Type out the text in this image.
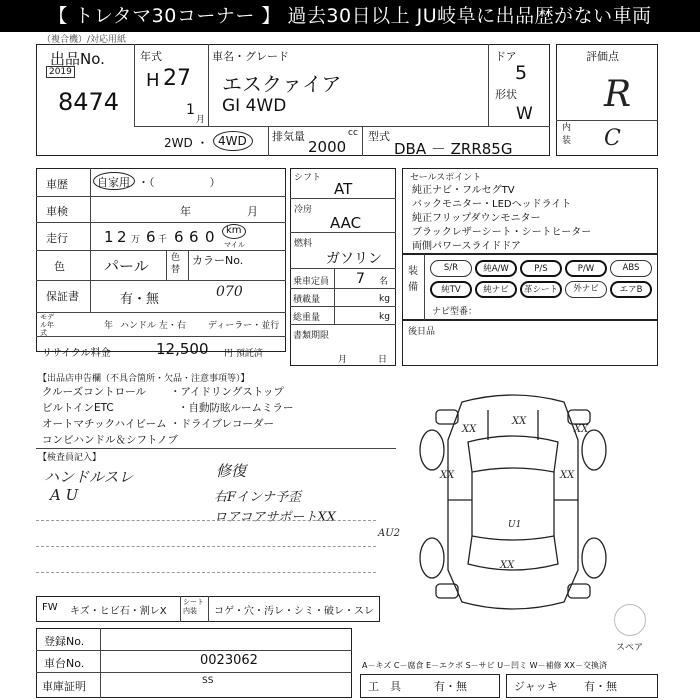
【 トレタマ30コーナー 】 過去30日以上 JU岐阜に出品歴がない車両
（複合機）/対応用紙
出品No.
2019
8474
年式
H 27
1
月
車名・グレード
エスクァイア
GI 4WD
ドア
5
形状
W
2WD ・ 4WD 排気量
2000
cc 型式
DBA － ZRR85G
評価点
R
内装 C
車歴	自家用 ・（　　　　　）
車検	年	月
走行 1 2 万 6 千 6 6 0 km
マイル
色	パール 色替
カラーNo.
070
保証書	有・無
モデル年式
年 ハンドル 左・右 ディーラー・並行
リサイクル料金	12,500 円 預託済
シフト
AT
冷房
AAC
燃料
ガソリン
乗車定員 7 名
積載量	kg
総重量	kg
書類期限
月	日
セールスポイント
純正ナビ・フルセグTV
バックモニター・LEDヘッドライト
純正フリップダウンモニター
ブラックレザーシート・シートヒーター
両側パワースライドドア
装備
S/R	純A/W	P/S	P/W	ABS
純TV	純ナビ	革シート	外ナビ	エアB
ナビ型番：
後日品
【出品店申告欄（不具合箇所・欠品・注意事項等）】
クルーズコントロール
ビルトインETC
オートマチックハイビーム
コンビハンドル＆シフトノブ
・アイドリングストップ
・自動防眩ルームミラー
・ドライブレコーダー
【検査員記入】
ハンドルスレ
A U
修復
右Fインナ予歪
ロアコアサポートXX
XX
XX
XX
XX
XX
U1
XX
AU2
スペア
FW キズ・ヒビ石・割レX
シート内装	コゲ・穴・汚レ・シミ・破レ・スレ
登録No.
車台No.	0023062
車庫証明	SS
A－キズ C－腐食 E－エクボ S－サビ U－凹ミ W－補修 XX－交換済
工　具	有・無	ジャッキ 有・無
